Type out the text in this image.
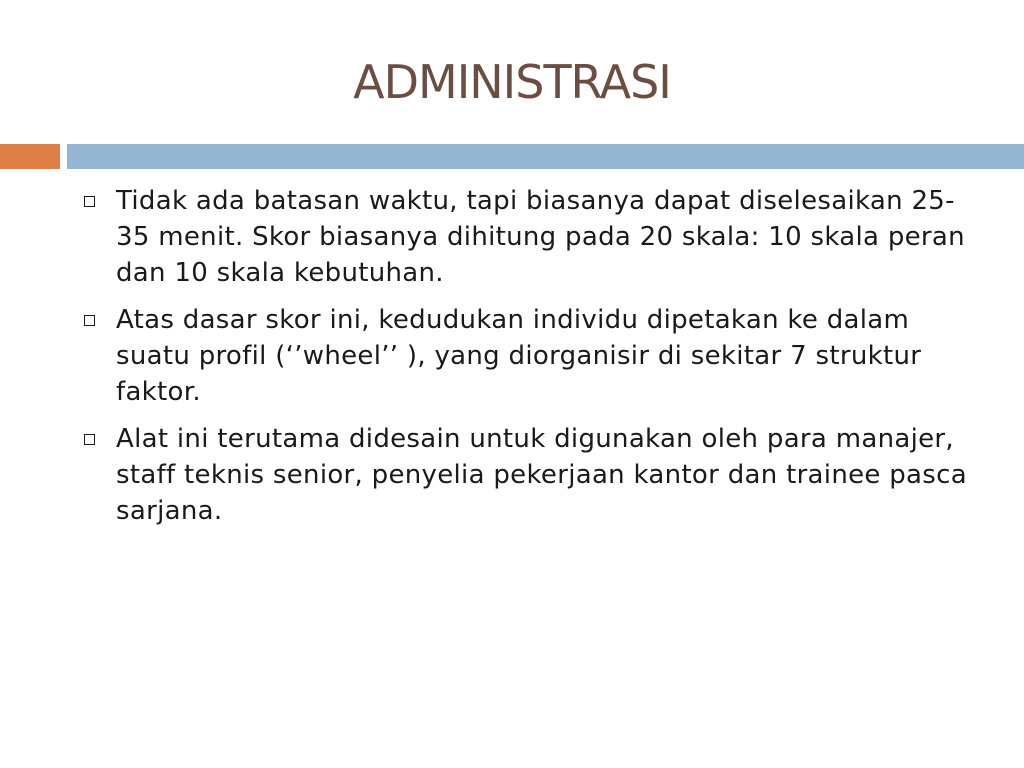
ADMINISTRASI
Tidak ada batasan waktu, tapi biasanya dapat diselesaikan 25-35 menit. Skor biasanya dihitung pada 20 skala: 10 skala peran dan 10 skala kebutuhan.
Atas dasar skor ini, kedudukan individu dipetakan ke dalam suatu profil (‘’wheel’’ ), yang diorganisir di sekitar 7 struktur faktor.
Alat ini terutama didesain untuk digunakan oleh para manajer, staff teknis senior, penyelia pekerjaan kantor dan trainee pasca sarjana.
